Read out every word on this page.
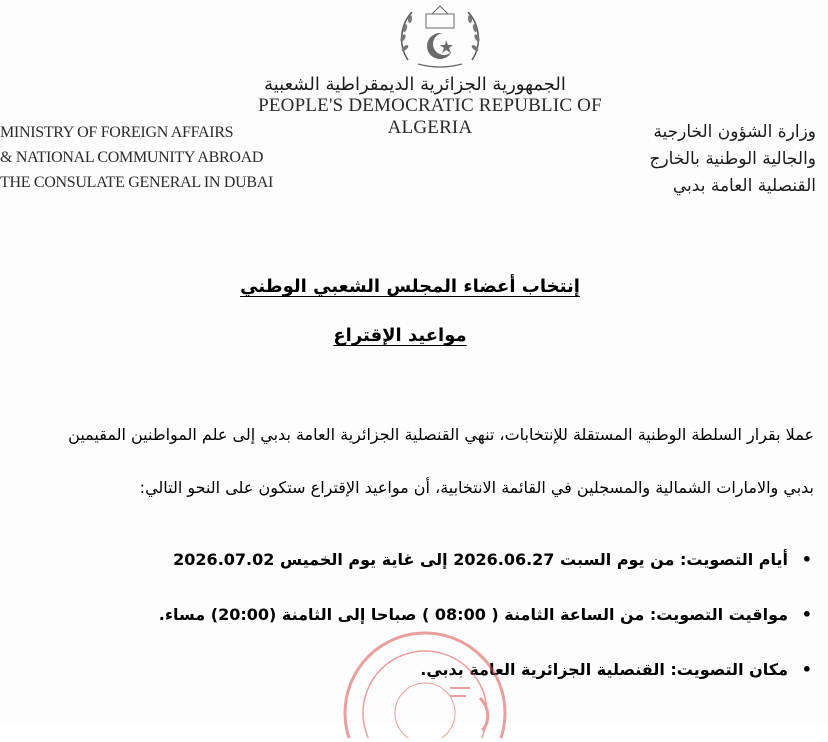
الجمهورية الجزائرية الديمقراطية الشعبية
PEOPLE'S DEMOCRATIC REPUBLIC OF ALGERIA
MINISTRY OF FOREIGN AFFAIRS
& NATIONAL COMMUNITY ABROAD
THE CONSULATE GENERAL IN DUBAI
وزارة الشؤون الخارجية
والجالية الوطنية بالخارج
القنصلية العامة بدبي
إنتخاب أعضاء المجلس الشعبي الوطني
مواعيد الإقتراع
عملا بقرار السلطة الوطنية المستقلة للإنتخابات، تنهي القنصلية الجزائرية العامة بدبي إلى علم المواطنين المقيمين
بدبي والامارات الشمالية والمسجلين في القائمة الانتخابية، أن مواعيد الإقتراع ستكون على النحو التالي:
• أيام التصويت: من يوم السبت 2026.06.27 إلى غاية يوم الخميس 2026.07.02
• مواقيت التصويت: من الساعة الثامنة ( 08:00 ) صباحا إلى الثامنة (20:00) مساء.
• مكان التصويت: القنصلية الجزائرية العامة بدبي.
